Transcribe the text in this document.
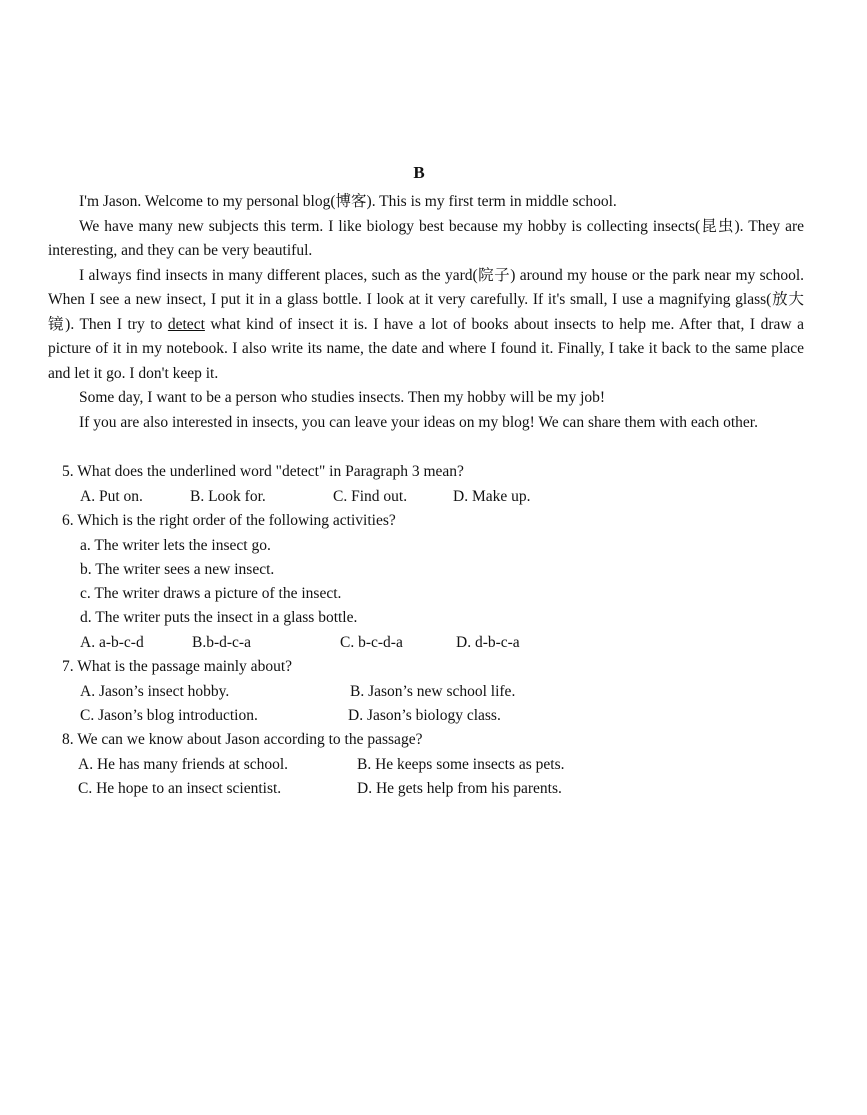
B

I'm Jason. Welcome to my personal blog(博客). This is my first term in middle school.

We have many new subjects this term. I like biology best because my hobby is collecting insects(昆虫). They are interesting, and they can be very beautiful.

I always find insects in many different places, such as the yard(院子) around my house or the park near my school. When I see a new insect, I put it in a glass bottle. I look at it very carefully. If it's small, I use a magnifying glass(放大镜). Then I try to detect what kind of insect it is. I have a lot of books about insects to help me. After that, I draw a picture of it in my notebook. I also write its name, the date and where I found it. Finally, I take it back to the same place and let it go. I don't keep it.

Some day, I want to be a person who studies insects. Then my hobby will be my job!

If you are also interested in insects, you can leave your ideas on my blog! We can share them with each other.

5. What does the underlined word "detect" in Paragraph 3 mean?
A. Put on.	B. Look for.	C. Find out.	D. Make up.
6. Which is the right order of the following activities?
a. The writer lets the insect go.
b. The writer sees a new insect.
c. The writer draws a picture of the insect.
d. The writer puts the insect in a glass bottle.
A. a-b-c-d	B.b-d-c-a	C. b-c-d-a	D. d-b-c-a
7. What is the passage mainly about?
A. Jason’s insect hobby.	B. Jason’s new school life.
C. Jason’s blog introduction.	D. Jason’s biology class.
8. We can we know about Jason according to the passage?
A. He has many friends at school.	B. He keeps some insects as pets.
C. He hope to an insect scientist.	D. He gets help from his parents.
